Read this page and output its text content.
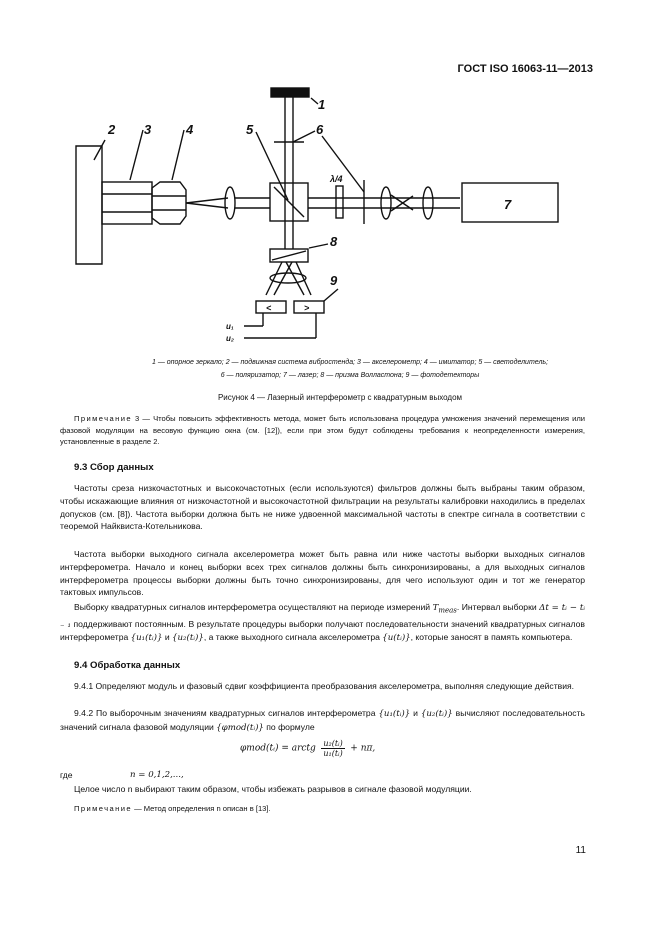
ГОСТ ISO 16063-11—2013
1
2 3	4	5	6
λ/4
7
8
9
<	>
u₁
u₂
1 — опорное зеркало; 2 — подвижная система вибростенда; 3 — акселерометр; 4 — имитатор; 5 — светоделитель;
6 — поляризатор; 7 — лазер; 8 — призма Волластона; 9 — фотодетекторы
Рисунок 4 — Лазерный интерферометр с квадратурным выходом
Примечание 3 — Чтобы повысить эффективность метода, может быть использована процедура умножения значений перемещения или фазовой модуляции на весовую функцию окна (см. [12]), если при этом будут соблюдены требования к неопределенности измерения, установленные в разделе 2.
9.3 Сбор данных
Частоты среза низкочастотных и высокочастотных (если используются) фильтров должны быть выбраны таким образом, чтобы искажающие влияния от низкочастотной и высокочастотной фильтрации на результаты калибровки находились в пределах допусков (см. [8]). Частота выборки должна быть не ниже удвоенной максимальной частоты в спектре сигнала в соответствии с теоремой Найквиста-Котельникова.
Частота выборки выходного сигнала акселерометра может быть равна или ниже частоты выборки выходных сигналов интерферометра. Начало и конец выборки всех трех сигналов должны быть синхронизированы, а для выходных сигналов интерферометра процессы выборки должны быть точно синхронизированы, для чего используют один и тот же генератор тактовых импульсов.
Выборку квадратурных сигналов интерферометра осуществляют на периоде измерений $T_{meas}$. Интервал выборки Δt = tᵢ − tᵢ ₋ ₁ поддерживают постоянным. В результате процедуры выборки получают последовательности значений квадратурных сигналов интерферометра {u₁(tᵢ)} и {u₂(tᵢ)}, а также выходного сигнала акселерометра {u(tᵢ)}, которые заносят в память компьютера.
9.4 Обработка данных
9.4.1 Определяют модуль и фазовый сдвиг коэффициента преобразования акселерометра, выполняя следующие действия.
9.4.2 По выборочным значениям квадратурных сигналов интерферометра {u₁(tᵢ)} и {u₂(tᵢ)} вычисляют последовательность значений сигнала фазовой модуляции {φmod(tᵢ)} по формуле
φmod(tᵢ) = arctg $\frac{\text{u₂(tᵢ)}}{\text{u₁(tᵢ)}} + n\pi$,
где	n = 0,1,2,...,
Целое число n выбирают таким образом, чтобы избежать разрывов в сигнале фазовой модуляции.
Примечание — Метод определения n описан в [13].
11
